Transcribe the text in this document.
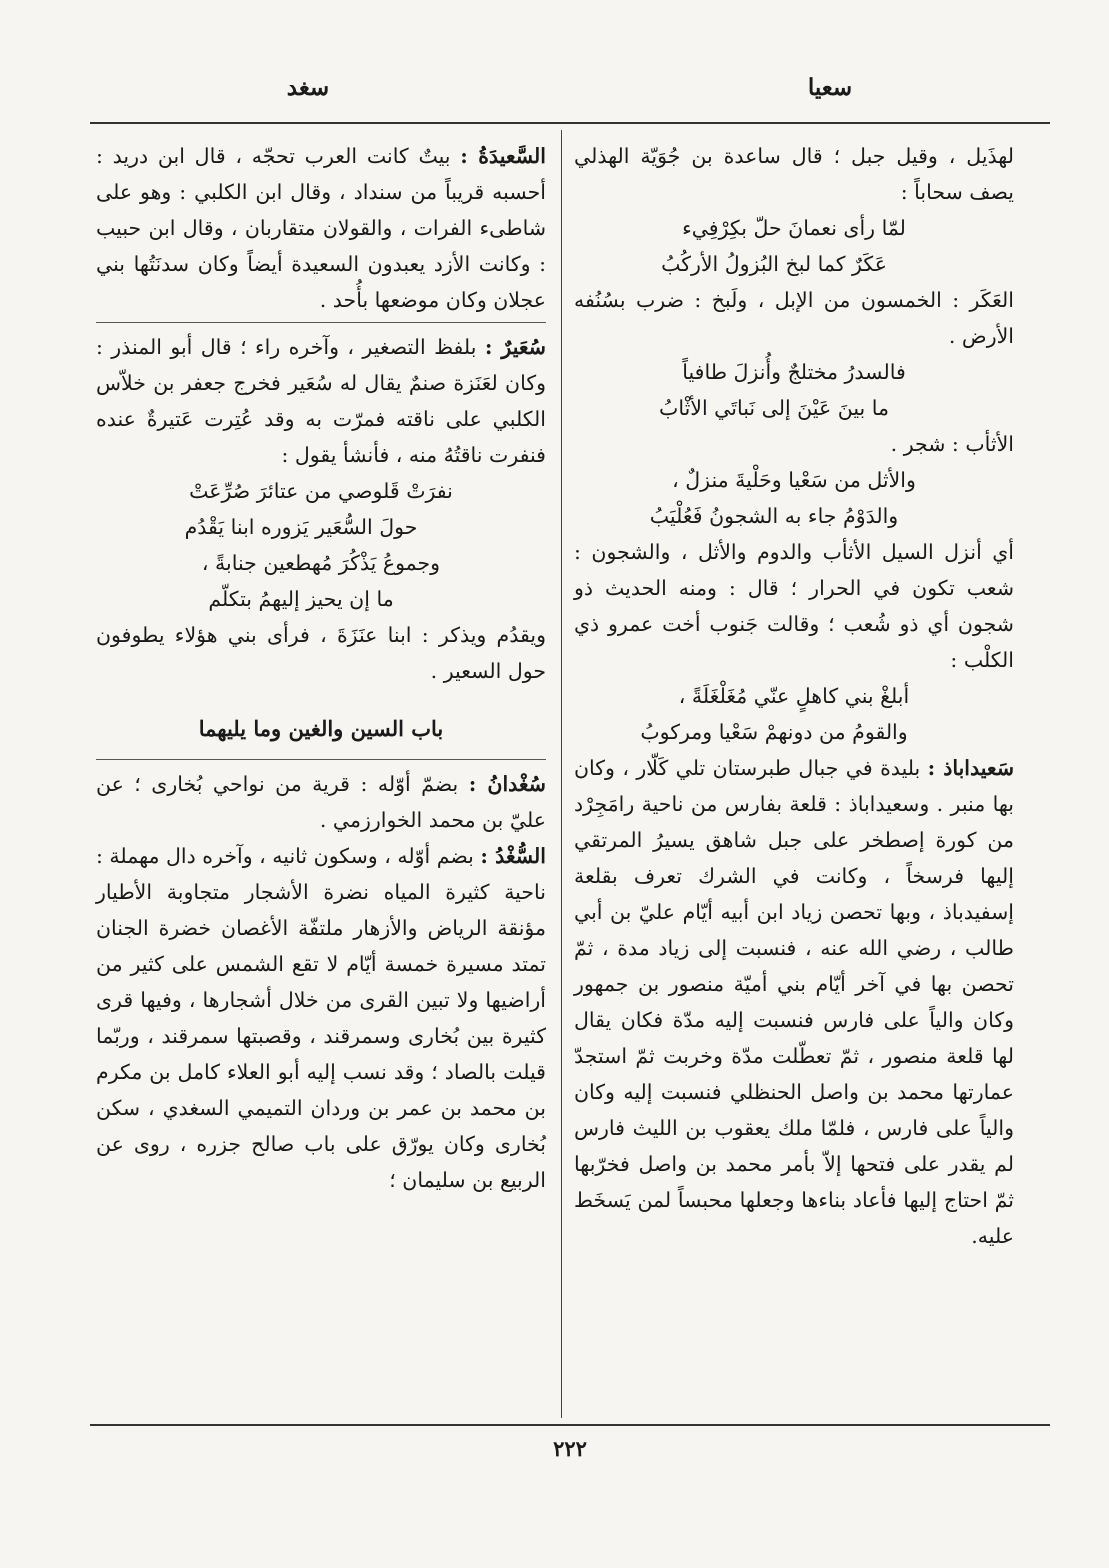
سعيا
سغد

لهذَيل ، وقيل جبل ؛ قال ساعدة بن جُوَيّة الهذلي يصف سحاباً :

لمّا رأى نعمانَ حلّ بكِرْفِيء

عَكَرٌ كما لبخ البُزولُ الأركُبُ

العَكَر : الخمسون من الإبل ، ولَبخ : ضرب بسُنُفه الأرض .

فالسدرُ مختلجٌ وأُنزلَ طافياً

ما بينَ عَيْنَ إلى نَباتَي الأثْابُ

الأثأب : شجر .

والأثل من سَعْيا وحَلْيةَ منزلٌ ،

والدَوْمُ جاء به الشجونُ فَعُلْيَبُ

أي أنزل السيل الأثأب والدوم والأثل ، والشجون : شعب تكون في الحرار ؛ قال : ومنه الحديث ذو شجون أي ذو شُعب ؛ وقالت جَنوب أخت عمرو ذي الكلْب :

أبلغْ بني كاهلٍ عنّي مُغَلْغَلَةً ،

والقومُ من دونهمْ سَعْيا ومركوبُ

سَعيداباذ : بليدة في جبال طبرستان تلي كَلّار ، وكان بها منبر . وسعيداباذ : قلعة بفارس من ناحية رامَجِرْد من كورة إصطخر على جبل شاهق يسيرُ المرتقي إليها فرسخاً ، وكانت في الشرك تعرف بقلعة إسفيدباذ ، وبها تحصن زياد ابن أبيه أيّام عليّ بن أبي طالب ، رضي الله عنه ، فنسبت إلى زياد مدة ، ثمّ تحصن بها في آخر أيّام بني أميّة منصور بن جمهور وكان والياً على فارس فنسبت إليه مدّة فكان يقال لها قلعة منصور ، ثمّ تعطّلت مدّة وخربت ثمّ استجدّ عمارتها محمد بن واصل الحنظلي فنسبت إليه وكان والياً على فارس ، فلمّا ملك يعقوب بن الليث فارس لم يقدر على فتحها إلاّ بأمر محمد بن واصل فخرّبها ثمّ احتاج إليها فأعاد بناءها وجعلها محبساً لمن يَسخَط عليه.

السَّعيدَةُ : بيتٌ كانت العرب تحجّه ، قال ابن دريد : أحسبه قريباً من سنداد ، وقال ابن الكلبي : وهو على شاطىء الفرات ، والقولان متقاربان ، وقال ابن حبيب : وكانت الأزد يعبدون السعيدة أيضاً وكان سدنَتُها بني عجلان وكان موضعها بأُحد .

سُعَيرٌ : بلفظ التصغير ، وآخره راء ؛ قال أبو المنذر : وكان لعَنَزة صنمٌ يقال له سُعَير فخرج جعفر بن خلاّس الكلبي على ناقته فمرّت به وقد عُتِرت عَتيرةٌ عنده فنفرت ناقتُهُ منه ، فأنشأ يقول :

نفرَتْ قَلوصي من عتائرَ صُرِّعَتْ

حولَ السُّعَير يَزوره ابنا يَقْدُم

وجموعُ يَذْكُرَ مُهطعين جنابةً ،

ما إن يحيز إليهمُ بتكلّم

ويقدُم ويذكر : ابنا عنَزَةَ ، فرأى بني هؤلاء يطوفون حول السعير .

باب السين والغين وما يليهما

سُغْدانُ : بضمّ أوّله : قرية من نواحي بُخارى ؛ عن عليّ بن محمد الخوارزمي .

السُّغْدُ : بضم أوّله ، وسكون ثانيه ، وآخره دال مهملة : ناحية كثيرة المياه نضرة الأشجار متجاوبة الأطيار مؤنقة الرياض والأزهار ملتفّة الأغصان خضرة الجنان تمتد مسيرة خمسة أيّام لا تقع الشمس على كثير من أراضيها ولا تبين القرى من خلال أشجارها ، وفيها قرى كثيرة بين بُخارى وسمرقند ، وقصبتها سمرقند ، وربّما قيلت بالصاد ؛ وقد نسب إليه أبو العلاء كامل بن مكرم بن محمد بن عمر بن وردان التميمي السغدي ، سكن بُخارى وكان يورّق على باب صالح جزره ، روى عن الربيع بن سليمان ؛

٢٢٢
